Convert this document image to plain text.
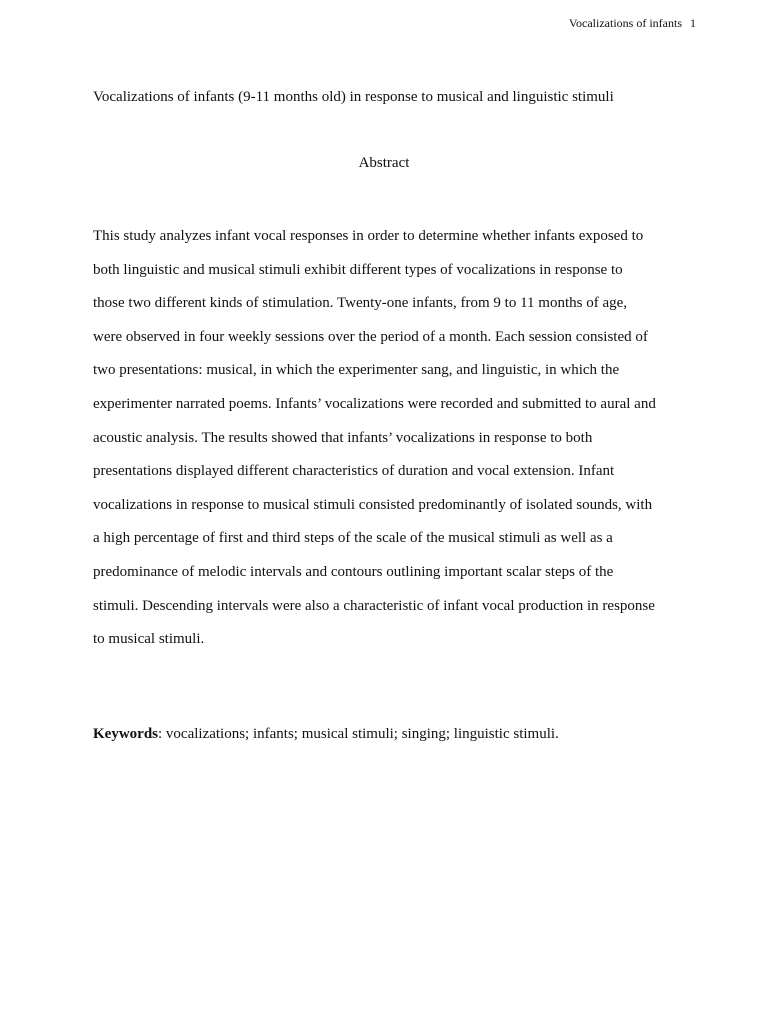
Vocalizations of infants 1
Vocalizations of infants (9-11 months old) in response to musical and linguistic stimuli
Abstract
This study analyzes infant vocal responses in order to determine whether infants exposed to
both linguistic and musical stimuli exhibit different types of vocalizations in response to
those two different kinds of stimulation. Twenty-one infants, from 9 to 11 months of age,
were observed in four weekly sessions over the period of a month. Each session consisted of
two presentations: musical, in which the experimenter sang, and linguistic, in which the
experimenter narrated poems. Infants’ vocalizations were recorded and submitted to aural and
acoustic analysis. The results showed that infants’ vocalizations in response to both
presentations displayed different characteristics of duration and vocal extension. Infant
vocalizations in response to musical stimuli consisted predominantly of isolated sounds, with
a high percentage of first and third steps of the scale of the musical stimuli as well as a
predominance of melodic intervals and contours outlining important scalar steps of the
stimuli. Descending intervals were also a characteristic of infant vocal production in response
to musical stimuli.
Keywords: vocalizations; infants; musical stimuli; singing; linguistic stimuli.
